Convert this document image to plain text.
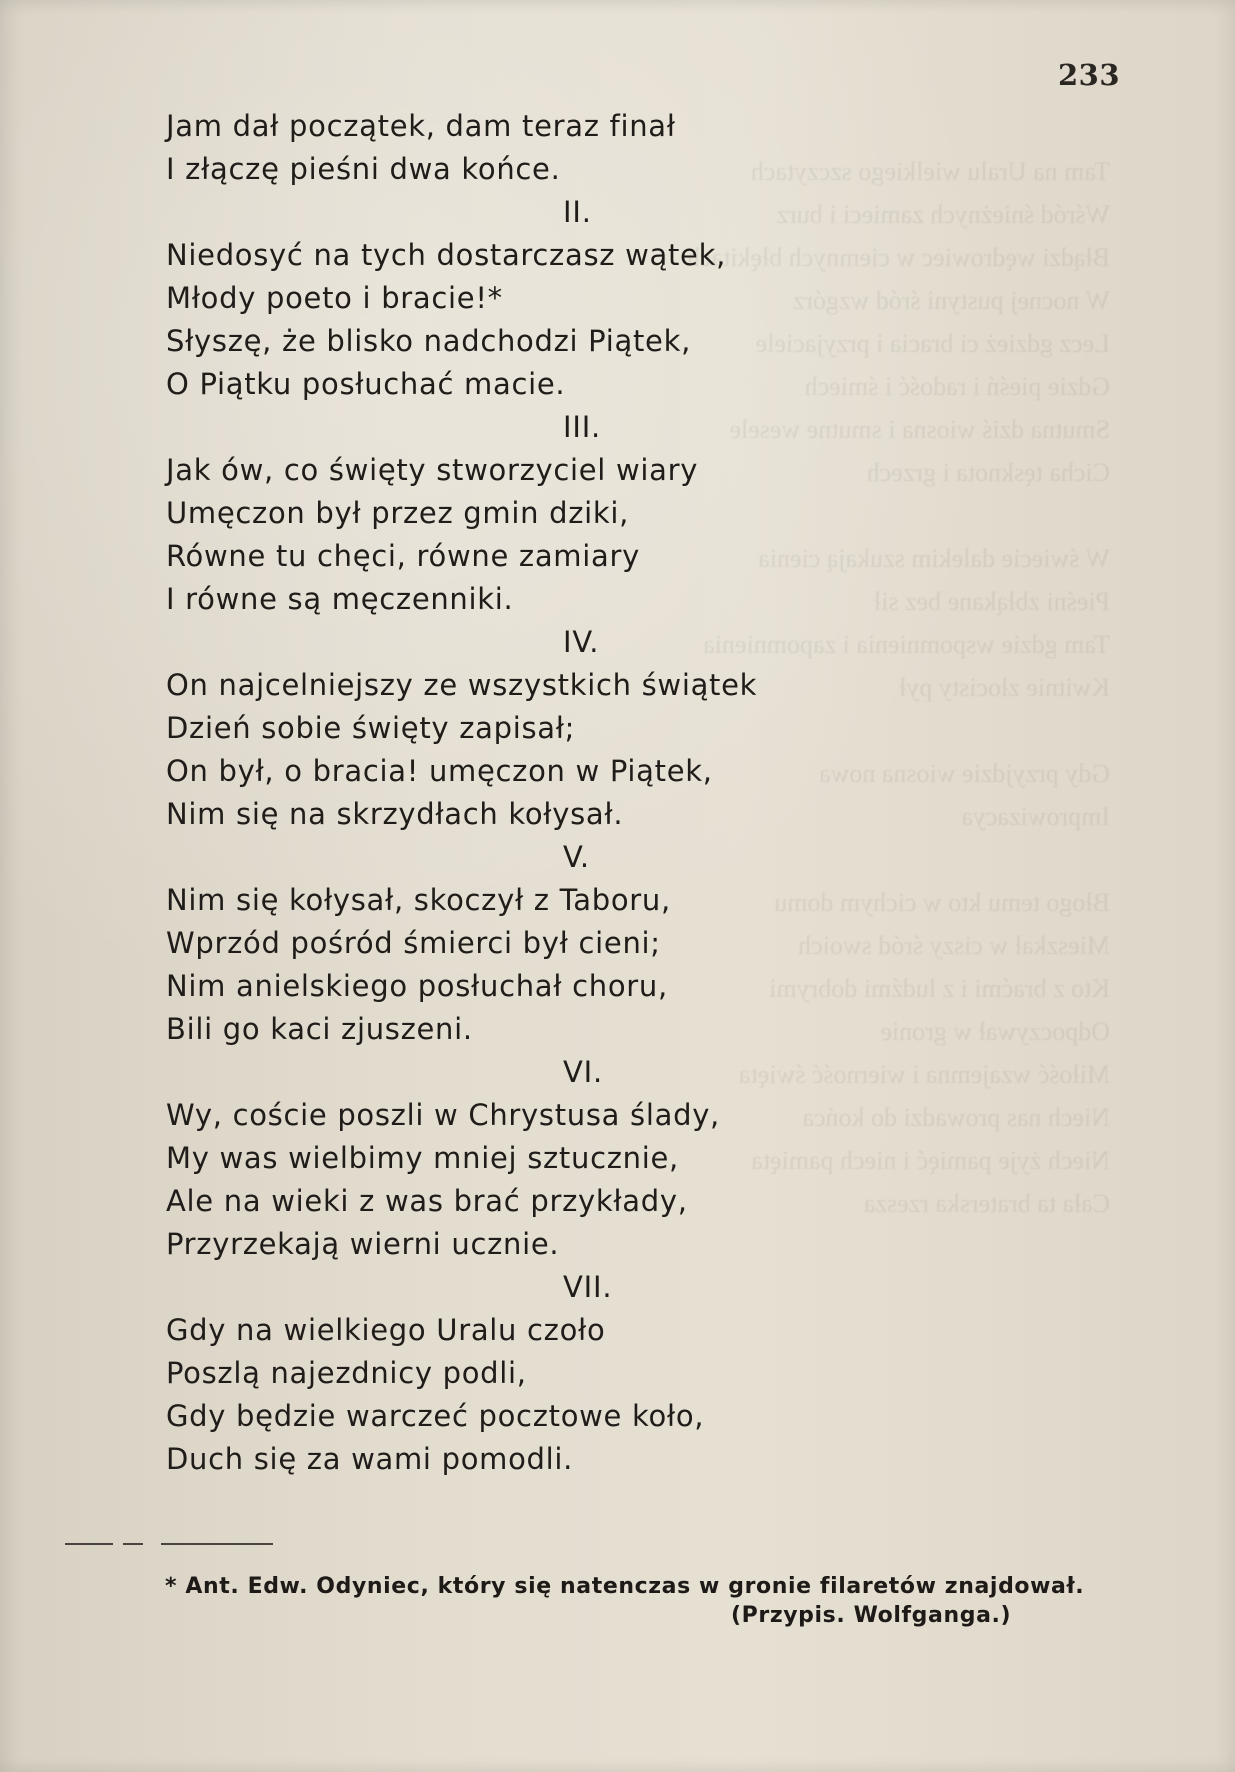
Tam na Uralu wielkiego szczytach
Wśród śnieżnych zamieci i burz
Błądzi wędrowiec w ciemnych błękitach
W nocnej pustyni śród wzgórz
Lecz gdzież ci bracia i przyjaciele
Gdzie pieśń i radość i śmiech
Smutna dziś wiosna i smutne wesele
Cicha tęsknota i grzech

W świecie dalekim szukają cienia
Pieśni zbłąkane bez sił
Tam gdzie wspomnienia i zapomnienia
Kwitnie złocisty pył

Gdy przyjdzie wiosna nowa
Improwizacya

Błogo temu kto w cichym domu
Mieszkał w ciszy śród swoich
Kto z braćmi i z ludźmi dobrymi
Odpoczywał w gronie
Miłość wzajemna i wierność święta
Niech nas prowadzi do końca
Niech żyje pamięć i niech pamięta
Cała ta braterska rzesza
233
Jam dał początek, dam teraz finał
I złączę pieśni dwa końce.
II.
Niedosyć na tych dostarczasz wątek,
Młody poeto i bracie!*
Słyszę, że blisko nadchodzi Piątek,
O Piątku posłuchać macie.
III.
Jak ów, co święty stworzyciel wiary
Umęczon był przez gmin dziki,
Równe tu chęci, równe zamiary
I równe są męczenniki.
IV.
On najcelniejszy ze wszystkich świątek
Dzień sobie święty zapisał;
On był, o bracia! umęczon w Piątek,
Nim się na skrzydłach kołysał.
V.
Nim się kołysał, skoczył z Taboru,
Wprzód pośród śmierci był cieni;
Nim anielskiego posłuchał choru,
Bili go kaci zjuszeni.
VI.
Wy, coście poszli w Chrystusa ślady,
My was wielbimy mniej sztucznie,
Ale na wieki z was brać przykłady,
Przyrzekają wierni uczniе.
VII.
Gdy na wielkiego Uralu czoło
Poszlą najezdnicy podli,
Gdy będzie warczeć pocztowe koło,
Duch się za wami pomodli.
* Ant. Edw. Odyniec, który się natenczas w gronie filaretów znajdował.
(Przypis. Wolfganga.)
